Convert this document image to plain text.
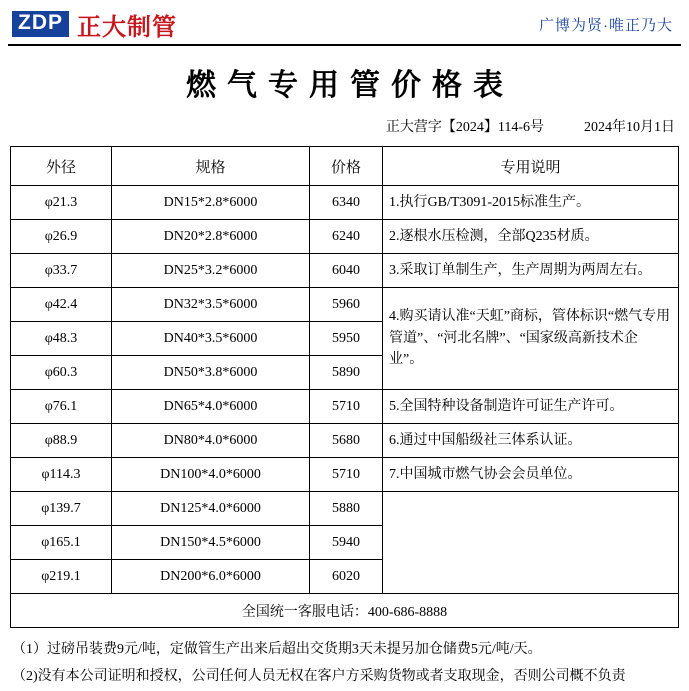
ZDP 正大制管	广博为贤·唯正乃大
燃气专用管价格表
正大营字【2024】114-6号	2024年10月1日
外径	规格	价格	专用说明
φ21.3	DN15*2.8*6000	6340	1.执行GB/T3091-2015标准生产。
φ26.9	DN20*2.8*6000	6240	2.逐根水压检测，全部Q235材质。
φ33.7	DN25*3.2*6000	6040	3.采取订单制生产，生产周期为两周左右。
φ42.4	DN32*3.5*6000	5960	4.购买请认准“天虹”商标，管体标识“燃气专用管道”、“河北名牌”、“国家级高新技术企业”。
φ48.3	DN40*3.5*6000	5950	
φ60.3	DN50*3.8*6000	5890	
φ76.1	DN65*4.0*6000	5710	5.全国特种设备制造许可证生产许可。
φ88.9	DN80*4.0*6000	5680	6.通过中国船级社三体系认证。
φ114.3	DN100*4.0*6000	5710	7.中国城市燃气协会会员单位。
φ139.7	DN125*4.0*6000	5880	
φ165.1	DN150*4.5*6000	5940	
φ219.1	DN200*6.0*6000	6020	
全国统一客服电话：400-686-8888			
（1）过磅吊装费9元/吨，定做管生产出来后超出交货期3天未提另加仓储费5元/吨/天。
（2)没有本公司证明和授权，公司任何人员无权在客户方采购货物或者支取现金，否则公司概不负责
